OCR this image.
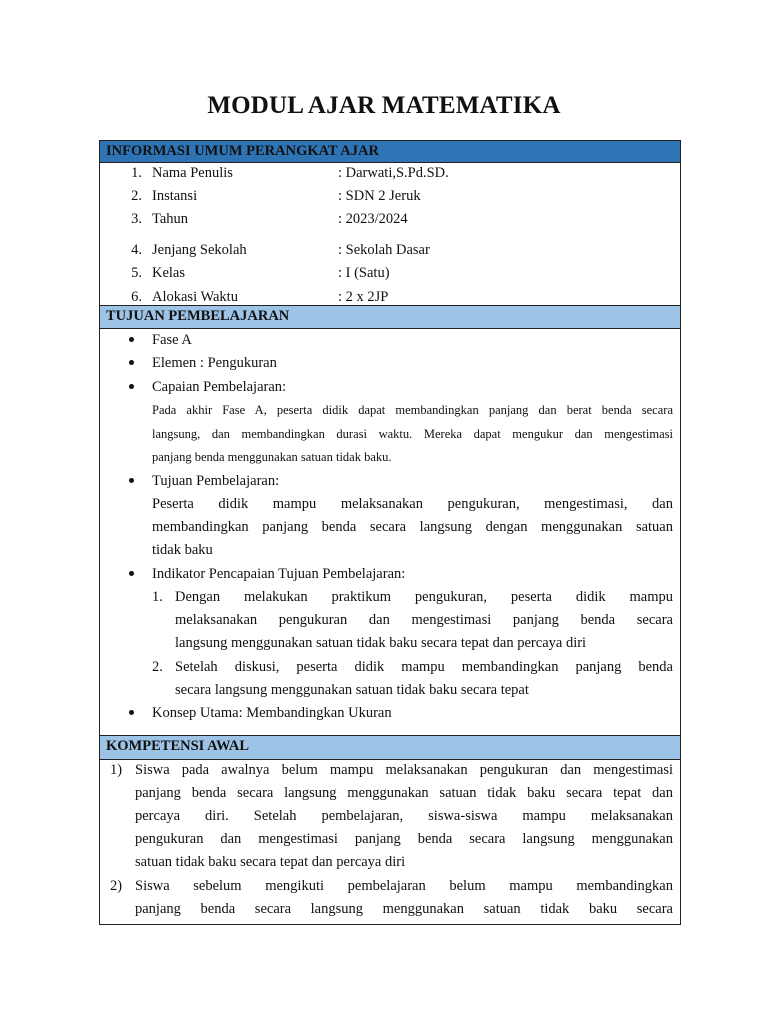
MODUL AJAR MATEMATIKA
INFORMASI UMUM PERANGKAT AJAR
1. Nama Penulis	: Darwati,S.Pd.SD.
2. Instansi	: SDN 2 Jeruk
3. Tahun	: 2023/2024
4. Jenjang Sekolah	: Sekolah Dasar
5. Kelas	: I (Satu)
6. Alokasi Waktu	: 2 x 2JP
TUJUAN PEMBELAJARAN
Fase A
Elemen : Pengukuran
Capaian Pembelajaran:
Pada akhir Fase A, peserta didik dapat membandingkan panjang dan berat benda secara
langsung, dan membandingkan durasi waktu. Mereka dapat mengukur dan mengestimasi
panjang benda menggunakan satuan tidak baku.
Tujuan Pembelajaran:
Peserta didik mampu melaksanakan pengukuran, mengestimasi, dan
membandingkan panjang benda secara langsung dengan menggunakan satuan
tidak baku
Indikator Pencapaian Tujuan Pembelajaran:
1. Dengan melakukan praktikum pengukuran, peserta didik mampu
melaksanakan pengukuran dan mengestimasi panjang benda secara
langsung menggunakan satuan tidak baku secara tepat dan percaya diri
2. Setelah diskusi, peserta didik mampu membandingkan panjang benda
secara langsung menggunakan satuan tidak baku secara tepat
Konsep Utama: Membandingkan Ukuran
KOMPETENSI AWAL
1) Siswa pada awalnya belum mampu melaksanakan pengukuran dan mengestimasi
panjang benda secara langsung menggunakan satuan tidak baku secara tepat dan
percaya diri. Setelah pembelajaran, siswa-siswa mampu melaksanakan
pengukuran dan mengestimasi panjang benda secara langsung menggunakan
satuan tidak baku secara tepat dan percaya diri
2) Siswa sebelum mengikuti pembelajaran belum mampu membandingkan
panjang benda secara langsung menggunakan satuan tidak baku secara
